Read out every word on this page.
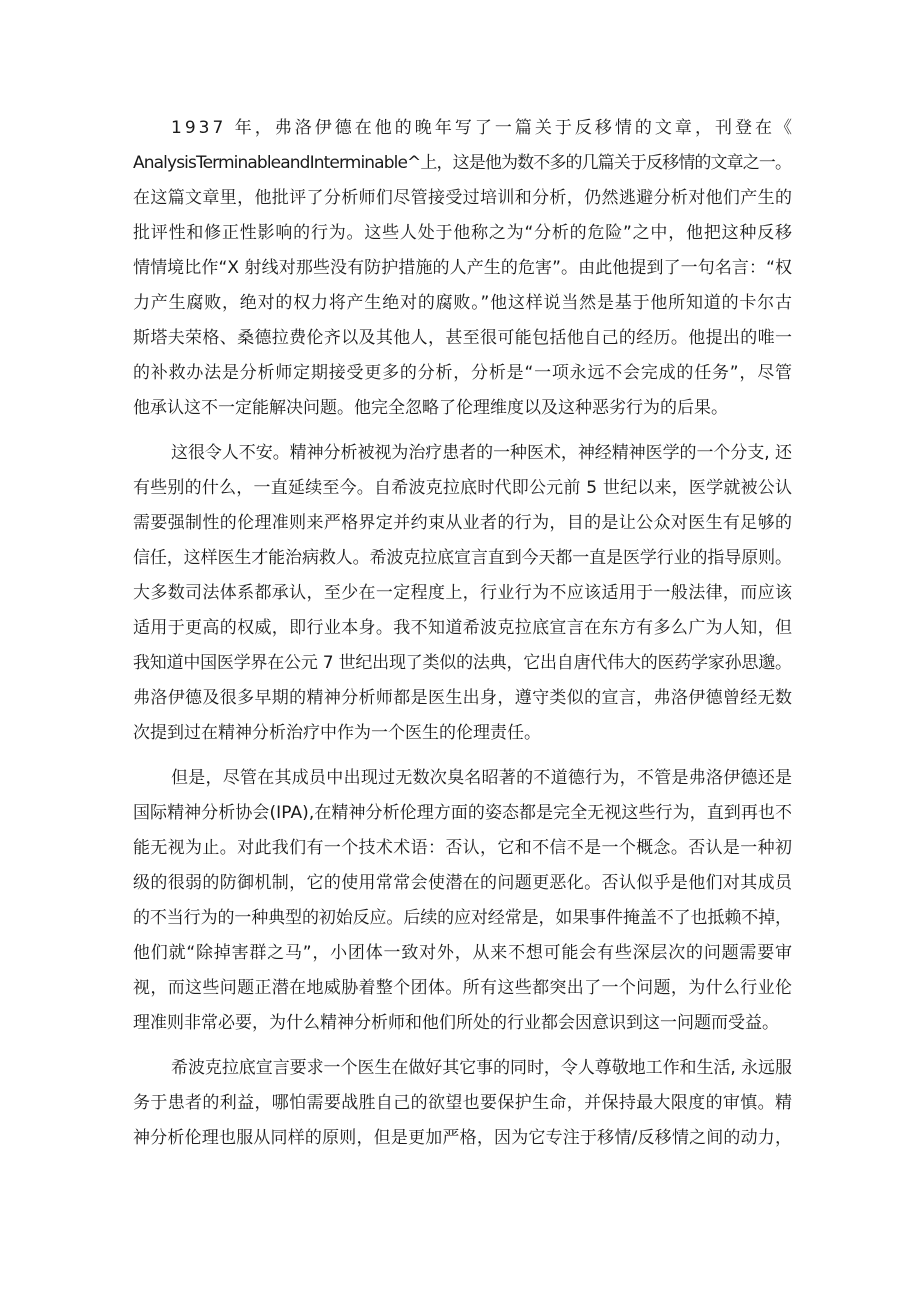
1937 年，弗洛伊德在他的晚年写了一篇关于反移情的文章，刊登在《
AnalysisTerminableandInterminable^上，这是他为数不多的几篇关于反移情的文章之一。
在这篇文章里，他批评了分析师们尽管接受过培训和分析，仍然逃避分析对他们产生的
批评性和修正性影响的行为。这些人处于他称之为“分析的危险”之中，他把这种反移
情情境比作“X 射线对那些没有防护措施的人产生的危害”。由此他提到了一句名言：“权
力产生腐败，绝对的权力将产生绝对的腐败。”他这样说当然是基于他所知道的卡尔古
斯塔夫荣格、桑德拉费伦齐以及其他人，甚至很可能包括他自己的经历。他提出的唯一
的补救办法是分析师定期接受更多的分析，分析是“一项永远不会完成的任务”，尽管
他承认这不一定能解决问题。他完全忽略了伦理维度以及这种恶劣行为的后果。
这很令人不安。精神分析被视为治疗患者的一种医术，神经精神医学的一个分支, 还
有些别的什么，一直延续至今。自希波克拉底时代即公元前 5 世纪以来，医学就被公认
需要强制性的伦理准则来严格界定并约束从业者的行为，目的是让公众对医生有足够的
信任，这样医生才能治病救人。希波克拉底宣言直到今天都一直是医学行业的指导原则。
大多数司法体系都承认，至少在一定程度上，行业行为不应该适用于一般法律，而应该
适用于更高的权威，即行业本身。我不知道希波克拉底宣言在东方有多么广为人知，但
我知道中国医学界在公元 7 世纪出现了类似的法典，它出自唐代伟大的医药学家孙思邈。
弗洛伊德及很多早期的精神分析师都是医生出身，遵守类似的宣言，弗洛伊德曾经无数
次提到过在精神分析治疗中作为一个医生的伦理责任。
但是，尽管在其成员中出现过无数次臭名昭著的不道德行为，不管是弗洛伊德还是
国际精神分析协会(IPA),在精神分析伦理方面的姿态都是完全无视这些行为，直到再也不
能无视为止。对此我们有一个技术术语：否认，它和不信不是一个概念。否认是一种初
级的很弱的防御机制，它的使用常常会使潜在的问题更恶化。否认似乎是他们对其成员
的不当行为的一种典型的初始反应。后续的应对经常是，如果事件掩盖不了也抵赖不掉，
他们就“除掉害群之马”，小团体一致对外，从来不想可能会有些深层次的问题需要审
视，而这些问题正潜在地威胁着整个团体。所有这些都突出了一个问题，为什么行业伦
理准则非常必要，为什么精神分析师和他们所处的行业都会因意识到这一问题而受益。
希波克拉底宣言要求一个医生在做好其它事的同时，令人尊敬地工作和生活, 永远服
务于患者的利益，哪怕需要战胜自己的欲望也要保护生命，并保持最大限度的审慎。精
神分析伦理也服从同样的原则，但是更加严格，因为它专注于移情/反移情之间的动力，
